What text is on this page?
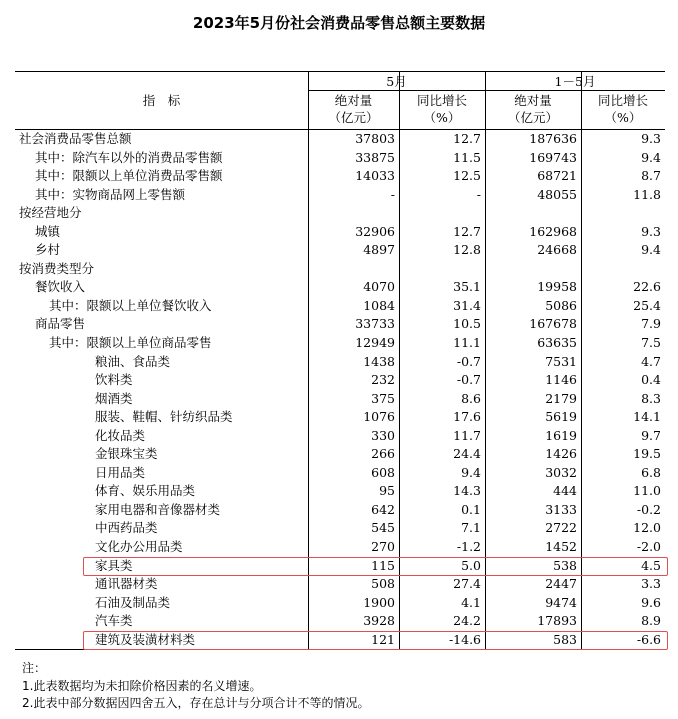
2023年5月份社会消费品零售总额主要数据
指　标
5月	1－5月
绝对量
（亿元）
同比增长
（%）
绝对量
（亿元）
同比增长
（%）
社会消费品零售总额	37803	12.7	187636	9.3
其中：除汽车以外的消费品零售额	33875	11.5	169743	9.4
其中：限额以上单位消费品零售额	14033	12.5	68721	8.7
其中：实物商品网上零售额	-	-	48055	11.8
按经营地分
城镇	32906	12.7	162968	9.3
乡村	4897	12.8	24668	9.4
按消费类型分
餐饮收入	4070	35.1	19958	22.6
其中：限额以上单位餐饮收入	1084	31.4	5086	25.4
商品零售	33733	10.5	167678	7.9
其中：限额以上单位商品零售	12949	11.1	63635	7.5
粮油、食品类	1438	-0.7	7531	4.7
饮料类	232	-0.7	1146	0.4
烟酒类	375	8.6	2179	8.3
服装、鞋帽、针纺织品类	1076	17.6	5619	14.1
化妆品类	330	11.7	1619	9.7
金银珠宝类	266	24.4	1426	19.5
日用品类	608	9.4	3032	6.8
体育、娱乐用品类	95	14.3	444	11.0
家用电器和音像器材类	642	0.1	3133	-0.2
中西药品类	545	7.1	2722	12.0
文化办公用品类	270	-1.2	1452	-2.0
家具类	115	5.0	538	4.5
通讯器材类	508	27.4	2447	3.3
石油及制品类	1900	4.1	9474	9.6
汽车类	3928	24.2	17893	8.9
建筑及装潢材料类	121	-14.6	583	-6.6
注：
1.此表数据均为未扣除价格因素的名义增速。
2.此表中部分数据因四舍五入，存在总计与分项合计不等的情况。
